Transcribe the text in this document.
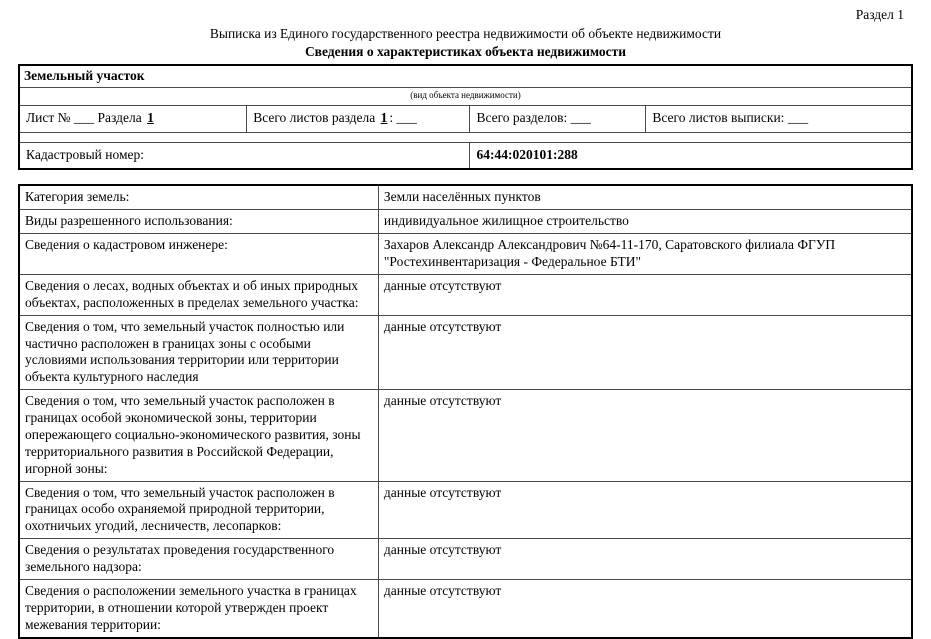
Раздел 1
Выписка из Единого государственного реестра недвижимости об объекте недвижимости
Сведения о характеристиках объекта недвижимости
Земельный участок			
(вид объекта недвижимости)			
Лист № ___ Раздела 1	Всего листов раздела 1 : ___	Всего разделов: ___	Всего листов выписки: ___

Кадастровый номер:		64:44:020101:288	
Категория земель:	Земли населённых пунктов
Виды разрешенного использования:	индивидуальное жилищное строительство
Сведения о кадастровом инженере:	Захаров Александр Александрович №64-11-170, Саратовского филиала ФГУП "Ростехинвентаризация - Федеральное БТИ"
Сведения о лесах, водных объектах и об иных природных объектах, расположенных в пределах земельного участка:	данные отсутствуют
Сведения о том, что земельный участок полностью или частично расположен в границах зоны с особыми условиями использования территории или территории объекта культурного наследия	данные отсутствуют
Сведения о том, что земельный участок расположен в границах особой экономической зоны, территории опережающего социально-экономического развития, зоны территориального развития в Российской Федерации, игорной зоны:	данные отсутствуют
Сведения о том, что земельный участок расположен в границах особо охраняемой природной территории, охотничьих угодий, лесничеств, лесопарков:	данные отсутствуют
Сведения о результатах проведения государственного земельного надзора:	данные отсутствуют
Сведения о расположении земельного участка в границах территории, в отношении которой утвержден проект межевания территории:	данные отсутствуют
